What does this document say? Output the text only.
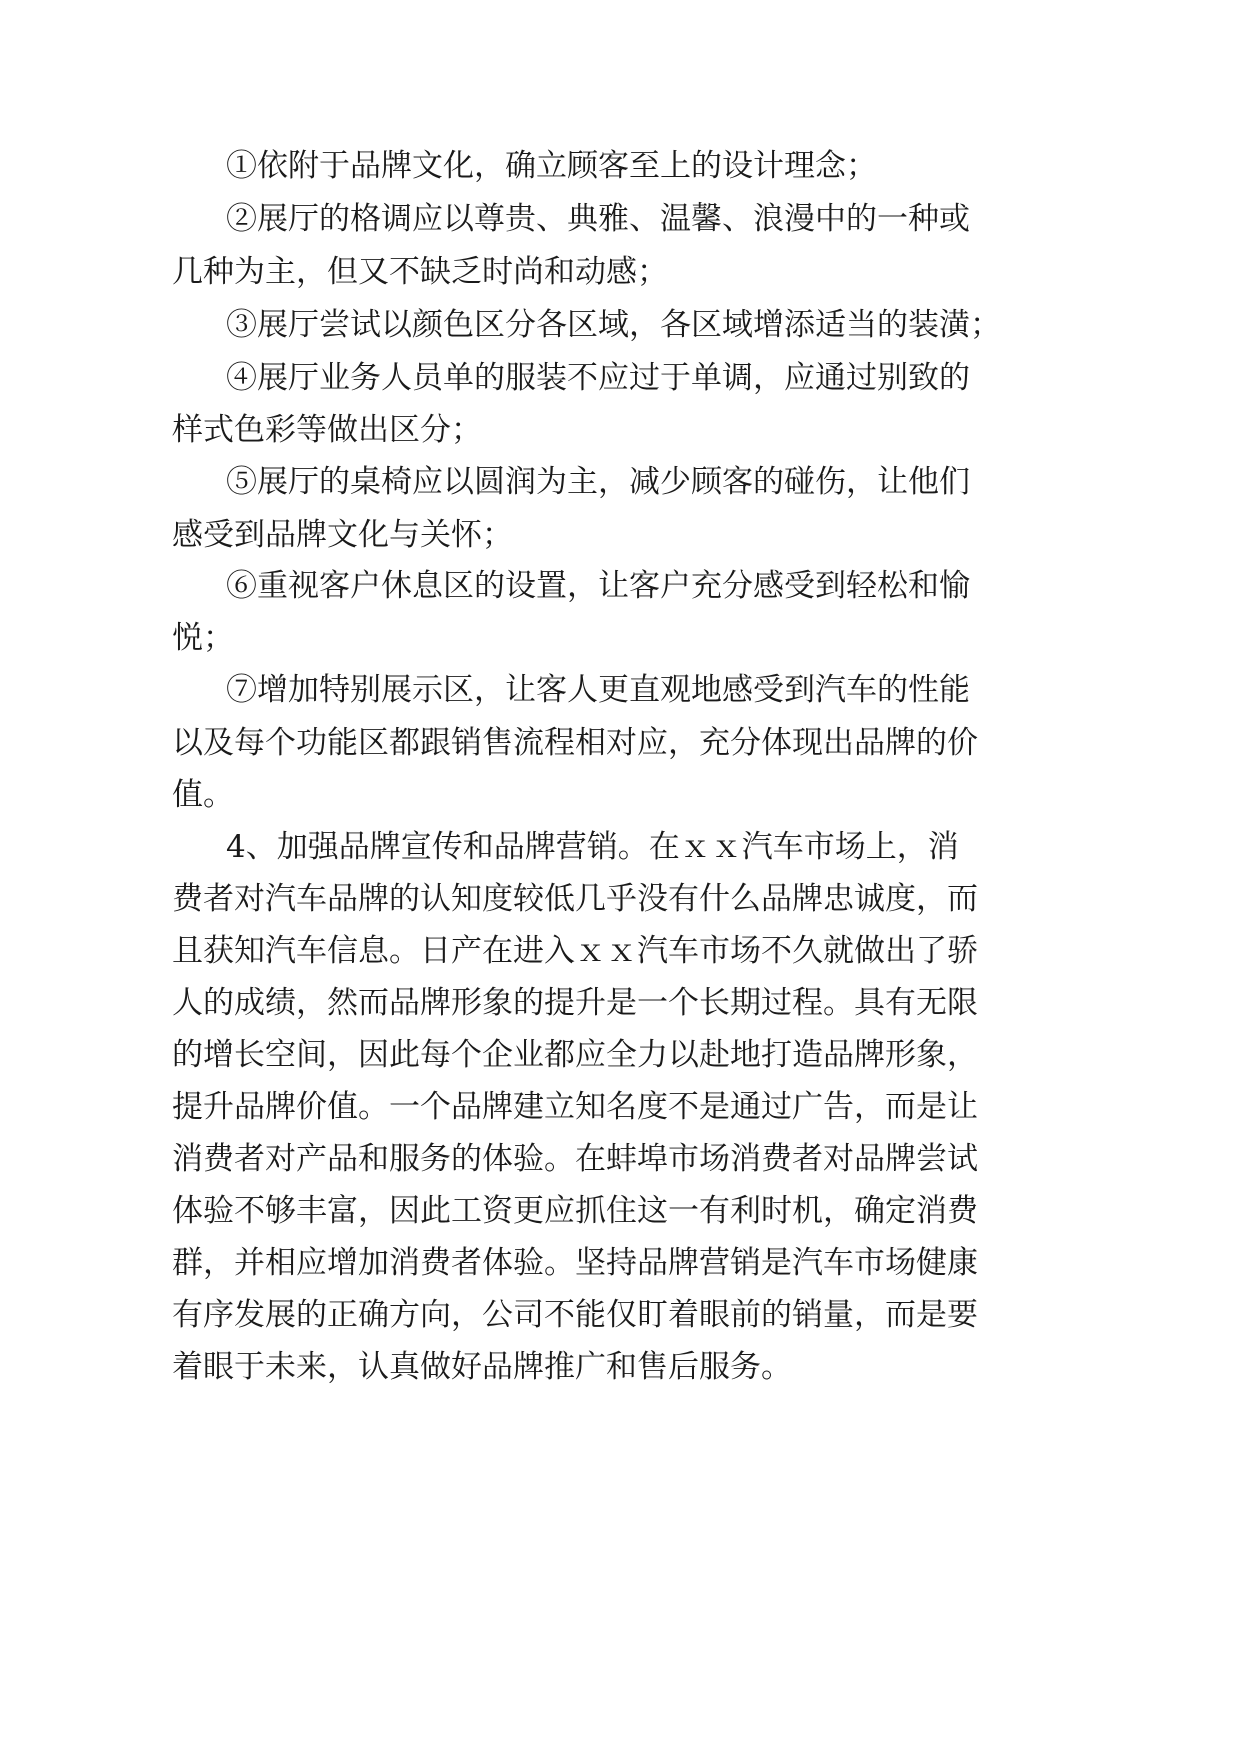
①依附于品牌文化，确立顾客至上的设计理念；

②展厅的格调应以尊贵、典雅、温馨、浪漫中的一种或

几种为主，但又不缺乏时尚和动感；

③展厅尝试以颜色区分各区域，各区域增添适当的装潢；

④展厅业务人员单的服装不应过于单调，应通过别致的

样式色彩等做出区分；

⑤展厅的桌椅应以圆润为主，减少顾客的碰伤，让他们

感受到品牌文化与关怀；

⑥重视客户休息区的设置，让客户充分感受到轻松和愉

悦；

⑦增加特别展示区，让客人更直观地感受到汽车的性能

以及每个功能区都跟销售流程相对应，充分体现出品牌的价

值。

4、加强品牌宣传和品牌营销。在ｘｘ汽车市场上，消

费者对汽车品牌的认知度较低几乎没有什么品牌忠诚度，而

且获知汽车信息。日产在进入ｘｘ汽车市场不久就做出了骄

人的成绩，然而品牌形象的提升是一个长期过程。具有无限

的增长空间，因此每个企业都应全力以赴地打造品牌形象，

提升品牌价值。一个品牌建立知名度不是通过广告，而是让

消费者对产品和服务的体验。在蚌埠市场消费者对品牌尝试

体验不够丰富，因此工资更应抓住这一有利时机，确定消费

群，并相应增加消费者体验。坚持品牌营销是汽车市场健康

有序发展的正确方向，公司不能仅盯着眼前的销量，而是要

着眼于未来，认真做好品牌推广和售后服务。
